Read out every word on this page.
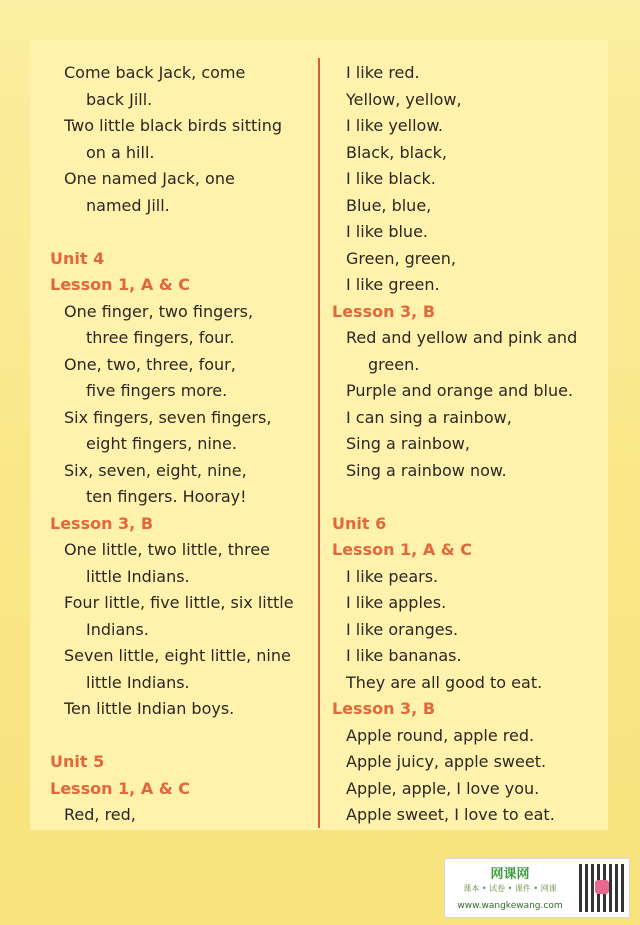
Come back Jack, come
back Jill.
Two little black birds sitting
on a hill.
One named Jack, one
named Jill.
Unit 4
Lesson 1, A & C
One finger, two fingers,
three fingers, four.
One, two, three, four,
five fingers more.
Six fingers, seven fingers,
eight fingers, nine.
Six, seven, eight, nine,
ten fingers. Hooray!
Lesson 3, B
One little, two little, three
little Indians.
Four little, five little, six little
Indians.
Seven little, eight little, nine
little Indians.
Ten little Indian boys.
Unit 5
Lesson 1, A & C
Red, red,
I like red.
Yellow, yellow,
I like yellow.
Black, black,
I like black.
Blue, blue,
I like blue.
Green, green,
I like green.
Lesson 3, B
Red and yellow and pink and
green.
Purple and orange and blue.
I can sing a rainbow,
Sing a rainbow,
Sing a rainbow now.
Unit 6
Lesson 1, A & C
I like pears.
I like apples.
I like oranges.
I like bananas.
They are all good to eat.
Lesson 3, B
Apple round, apple red.
Apple juicy, apple sweet.
Apple, apple, I love you.
Apple sweet, I love to eat.
网课网
课本 • 试卷 • 课件 • 网课
www.wangkewang.com
